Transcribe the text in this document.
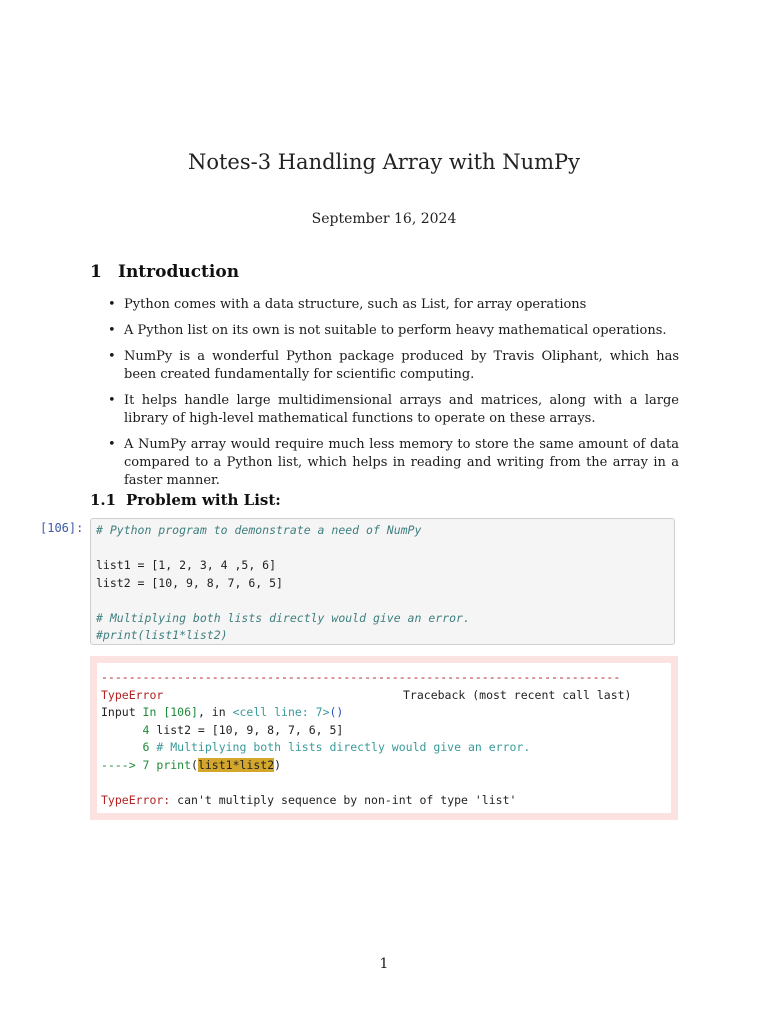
Notes-3 Handling Array with NumPy
September 16, 2024
1 Introduction
• Python comes with a data structure, such as List, for array operations
• A Python list on its own is not suitable to perform heavy mathematical operations.
• NumPy is a wonderful Python package produced by Travis Oliphant, which has been created fundamentally for scientific computing.
• It helps handle large multidimensional arrays and matrices, along with a large library of high-level mathematical functions to operate on these arrays.
• A NumPy array would require much less memory to store the same amount of data compared to a Python list, which helps in reading and writing from the array in a faster manner.
1.1 Problem with List:
[106]: # Python program to demonstrate a need of NumPy

list1 = [1, 2, 3, 4 ,5, 6]
list2 = [10, 9, 8, 7, 6, 5]

# Multiplying both lists directly would give an error.
#print(list1*list2)
---------------------------------------------------------------------------
TypeError	Traceback (most recent call last)
Input In [106], in <cell line: 7>()
4 list2 = [10, 9, 8, 7, 6, 5]
6 # Multiplying both lists directly would give an error.
----> 7 print(list1*list2)

TypeError: can't multiply sequence by non-int of type 'list'
1
